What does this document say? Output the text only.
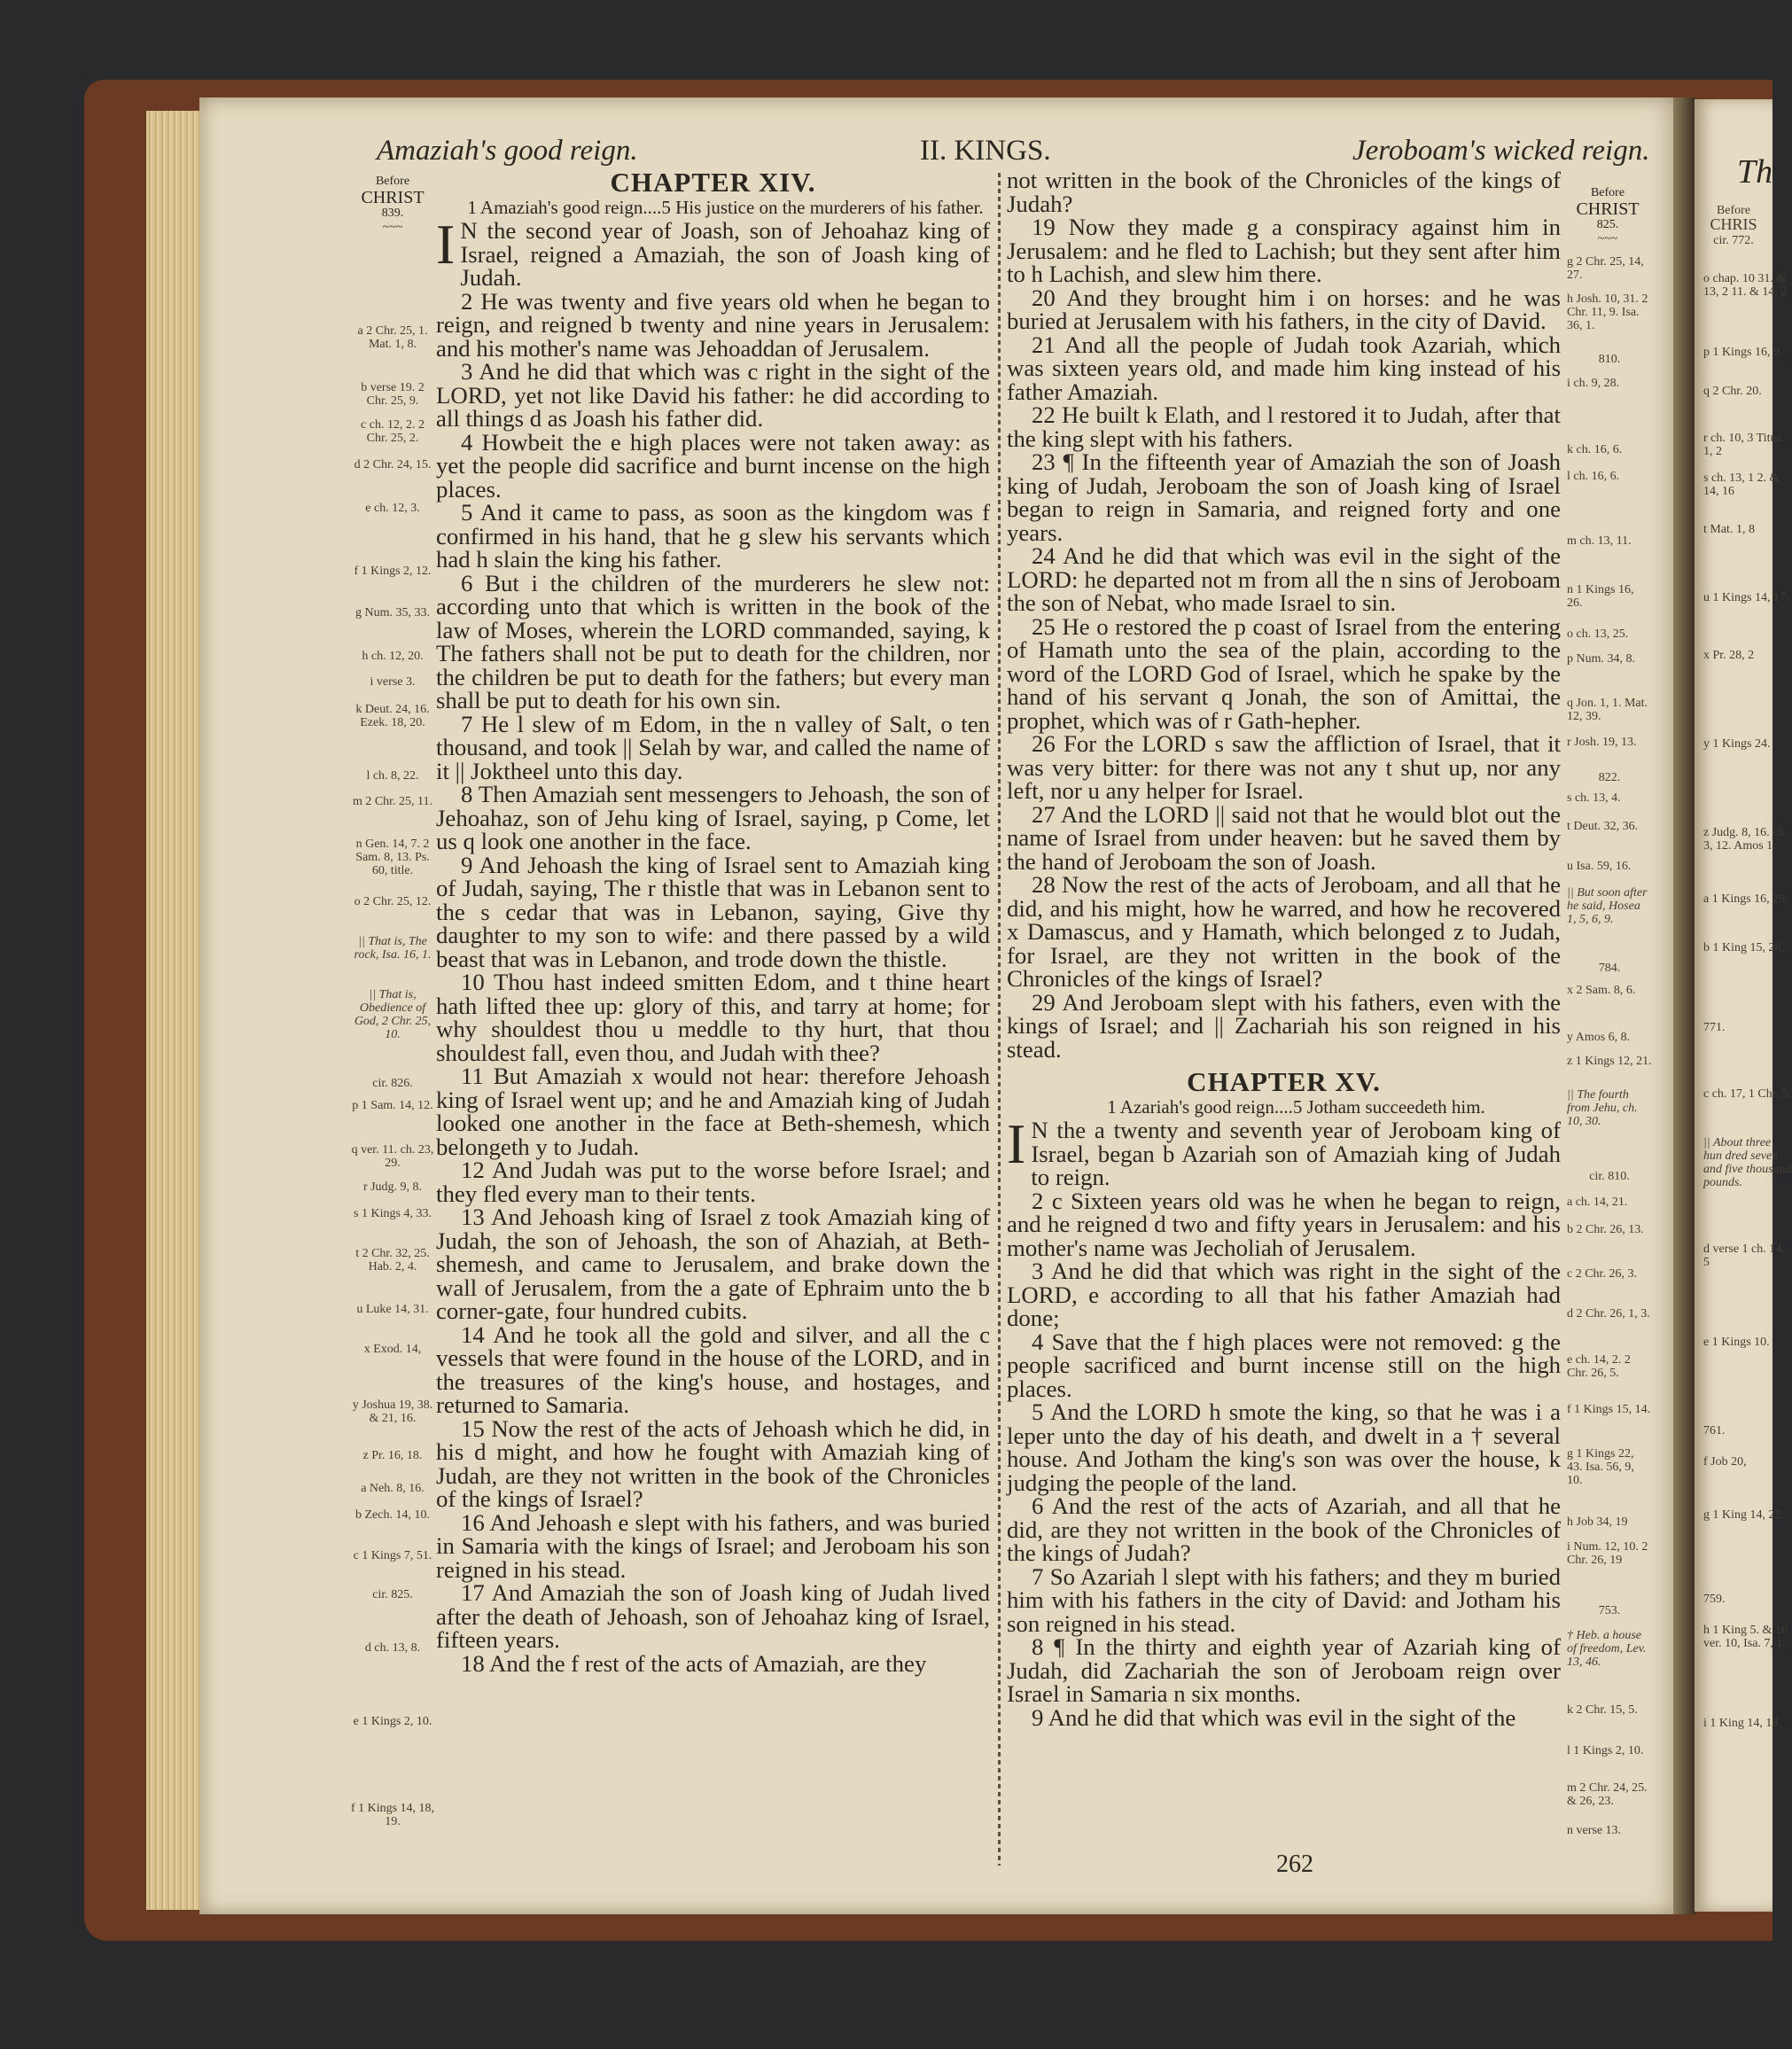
Th
Before
CHRIS
cir. 772.
o chap. 10 31. & 13, 2 11. & 14, 2
p 1 Kings 16, 9.
q 2 Chr. 20.
r ch. 10, 3 Titus 1, 2
s ch. 13, 1 2. & 14, 16
t Mat. 1, 8
u 1 Kings 14, 17.
x Pr. 28, 2
y 1 Kings 24.
z Judg. 8, 16. ch. 3, 12. Amos 1,
a 1 Kings 16, 29.
b 1 King 15, 26.
771.
c ch. 17, 1 Chr. 5,
|| About three hun dred seven and five thousand pounds.
d verse 1 ch. 14, 5
e 1 Kings 10.
761.
f Job 20,
g 1 King 14, 22.
759.
h 1 King 5. & 16 ver. 10, Isa. 7, 1.
i 1 King 14, 18.
Amaziah's good reign.	II. KINGS.	Jeroboam's wicked reign.
Before
CHRIST
839.
~~~
Before
CHRIST
825.
~~~
a 2 Chr. 25, 1. Mat. 1, 8.
b verse 19. 2 Chr. 25, 9.
c ch. 12, 2. 2 Chr. 25, 2.
d 2 Chr. 24, 15.
e ch. 12, 3.
f 1 Kings 2, 12.
g Num. 35, 33.
h ch. 12, 20.
i verse 3.
k Deut. 24, 16. Ezek. 18, 20.
l ch. 8, 22.
m 2 Chr. 25, 11.
n Gen. 14, 7. 2 Sam. 8, 13. Ps. 60, title.
o 2 Chr. 25, 12.
|| That is, The rock, Isa. 16, 1.
|| That is, Obedience of God, 2 Chr. 25, 10.
cir. 826.
p 1 Sam. 14, 12.
q ver. 11. ch. 23, 29.
r Judg. 9, 8.
s 1 Kings 4, 33.
t 2 Chr. 32, 25. Hab. 2, 4.
u Luke 14, 31.
x Exod. 14,
y Joshua 19, 38. & 21, 16.
z Pr. 16, 18.
a Neh. 8, 16.
b Zech. 14, 10.
c 1 Kings 7, 51.
cir. 825.
d ch. 13, 8.
e 1 Kings 2, 10.
f 1 Kings 14, 18, 19.
g 2 Chr. 25, 14, 27.
h Josh. 10, 31. 2 Chr. 11, 9. Isa. 36, 1.
810.
i ch. 9, 28.
k ch. 16, 6.
l ch. 16, 6.
m ch. 13, 11.
n 1 Kings 16, 26.
o ch. 13, 25.
p Num. 34, 8.
q Jon. 1, 1. Mat. 12, 39.
r Josh. 19, 13.
822.
s ch. 13, 4.
t Deut. 32, 36.
u Isa. 59, 16.
|| But soon after he said, Hosea 1, 5, 6, 9.
784.
x 2 Sam. 8, 6.
y Amos 6, 8.
z 1 Kings 12, 21.
|| The fourth from Jehu, ch. 10, 30.
cir. 810.
a ch. 14, 21.
b 2 Chr. 26, 13.
c 2 Chr. 26, 3.
d 2 Chr. 26, 1, 3.
e ch. 14, 2. 2 Chr. 26, 5.
f 1 Kings 15, 14.
g 1 Kings 22, 43. Isa. 56, 9, 10.
h Job 34, 19
i Num. 12, 10. 2 Chr. 26, 19
753.
† Heb. a house of freedom, Lev. 13, 46.
k 2 Chr. 15, 5.
l 1 Kings 2, 10.
m 2 Chr. 24, 25. & 26, 23.
n verse 13.
CHAPTER XIV.

1 Amaziah's good reign....5 His justice on the murderers of his father.

I N the second year of Joash, son of Jehoahaz king of Israel, reigned a Amaziah, the son of Joash king of Judah.

2 He was twenty and five years old when he began to reign, and reigned b twenty and nine years in Jerusalem: and his mother's name was Jehoaddan of Jerusalem.

3 And he did that which was c right in the sight of the LORD, yet not like David his father: he did according to all things d as Joash his father did.

4 Howbeit the e high places were not taken away: as yet the people did sacrifice and burnt incense on the high places.

5 And it came to pass, as soon as the kingdom was f confirmed in his hand, that he g slew his servants which had h slain the king his father.

6 But i the children of the murderers he slew not: according unto that which is written in the book of the law of Moses, wherein the LORD commanded, saying, k The fathers shall not be put to death for the children, nor the children be put to death for the fathers; but every man shall be put to death for his own sin.

7 He l slew of m Edom, in the n valley of Salt, o ten thousand, and took || Selah by war, and called the name of it || Joktheel unto this day.

8 Then Amaziah sent messengers to Jehoash, the son of Jehoahaz, son of Jehu king of Israel, saying, p Come, let us q look one another in the face.

9 And Jehoash the king of Israel sent to Amaziah king of Judah, saying, The r thistle that was in Lebanon sent to the s cedar that was in Lebanon, saying, Give thy daughter to my son to wife: and there passed by a wild beast that was in Lebanon, and trode down the thistle.

10 Thou hast indeed smitten Edom, and t thine heart hath lifted thee up: glory of this, and tarry at home; for why shouldest thou u meddle to thy hurt, that thou shouldest fall, even thou, and Judah with thee?

11 But Amaziah x would not hear: therefore Jehoash king of Israel went up; and he and Amaziah king of Judah looked one another in the face at Beth-shemesh, which belongeth y to Judah.

12 And Judah was put to the worse before Israel; and they fled every man to their tents.

13 And Jehoash king of Israel z took Amaziah king of Judah, the son of Jehoash, the son of Ahaziah, at Beth-shemesh, and came to Jerusalem, and brake down the wall of Jerusalem, from the a gate of Ephraim unto the b corner-gate, four hundred cubits.

14 And he took all the gold and silver, and all the c vessels that were found in the house of the LORD, and in the treasures of the king's house, and hostages, and returned to Samaria.

15 Now the rest of the acts of Jehoash which he did, in his d might, and how he fought with Amaziah king of Judah, are they not written in the book of the Chronicles of the kings of Israel?

16 And Jehoash e slept with his fathers, and was buried in Samaria with the kings of Israel; and Jeroboam his son reigned in his stead.

17 And Amaziah the son of Joash king of Judah lived after the death of Jehoash, son of Jehoahaz king of Israel, fifteen years.

18 And the f rest of the acts of Amaziah, are they

not written in the book of the Chronicles of the kings of Judah?

19 Now they made g a conspiracy against him in Jerusalem: and he fled to Lachish; but they sent after him to h Lachish, and slew him there.

20 And they brought him i on horses: and he was buried at Jerusalem with his fathers, in the city of David.

21 And all the people of Judah took Azariah, which was sixteen years old, and made him king instead of his father Amaziah.

22 He built k Elath, and l restored it to Judah, after that the king slept with his fathers.

23 ¶ In the fifteenth year of Amaziah the son of Joash king of Judah, Jeroboam the son of Joash king of Israel began to reign in Samaria, and reigned forty and one years.

24 And he did that which was evil in the sight of the LORD: he departed not m from all the n sins of Jeroboam the son of Nebat, who made Israel to sin.

25 He o restored the p coast of Israel from the entering of Hamath unto the sea of the plain, according to the word of the LORD God of Israel, which he spake by the hand of his servant q Jonah, the son of Amittai, the prophet, which was of r Gath-hepher.

26 For the LORD s saw the affliction of Israel, that it was very bitter: for there was not any t shut up, nor any left, nor u any helper for Israel.

27 And the LORD || said not that he would blot out the name of Israel from under heaven: but he saved them by the hand of Jeroboam the son of Joash.

28 Now the rest of the acts of Jeroboam, and all that he did, and his might, how he warred, and how he recovered x Damascus, and y Hamath, which belonged z to Judah, for Israel, are they not written in the book of the Chronicles of the kings of Israel?

29 And Jeroboam slept with his fathers, even with the kings of Israel; and || Zachariah his son reigned in his stead.

CHAPTER XV.

1 Azariah's good reign....5 Jotham succeedeth him.

I N the a twenty and seventh year of Jeroboam king of Israel, began b Azariah son of Amaziah king of Judah to reign.

2 c Sixteen years old was he when he began to reign, and he reigned d two and fifty years in Jerusalem: and his mother's name was Jecholiah of Jerusalem.

3 And he did that which was right in the sight of the LORD, e according to all that his father Amaziah had done;

4 Save that the f high places were not removed: g the people sacrificed and burnt incense still on the high places.

5 And the LORD h smote the king, so that he was i a leper unto the day of his death, and dwelt in a † several house. And Jotham the king's son was over the house, k judging the people of the land.

6 And the rest of the acts of Azariah, and all that he did, are they not written in the book of the Chronicles of the kings of Judah?

7 So Azariah l slept with his fathers; and they m buried him with his fathers in the city of David: and Jotham his son reigned in his stead.

8 ¶ In the thirty and eighth year of Azariah king of Judah, did Zachariah the son of Jeroboam reign over Israel in Samaria n six months.

9 And he did that which was evil in the sight of the

262
